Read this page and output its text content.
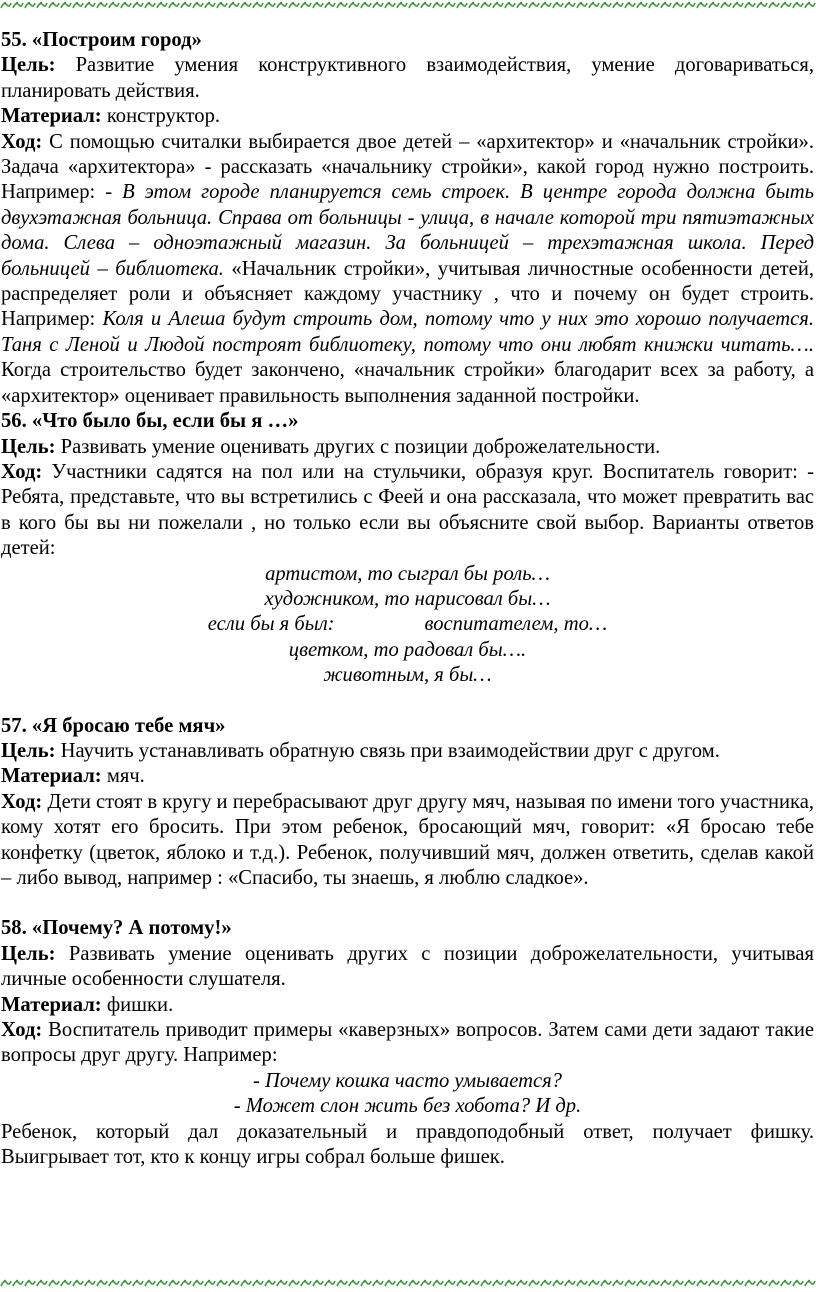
55. «Построим город»

Цель: Развитие умения конструктивного взаимодействия, умение договариваться, планировать действия.

Материал: конструктор.

Ход: С помощью считалки выбирается двое детей – «архитектор» и «начальник стройки». Задача «архитектора» - рассказать «начальнику стройки», какой город нужно построить. Например: - В этом городе планируется семь строек. В центре города должна быть двухэтажная больница. Справа от больницы - улица, в начале которой три пятиэтажных дома. Слева – одноэтажный магазин. За больницей – трехэтажная школа. Перед больницей – библиотека. «Начальник стройки», учитывая личностные особенности детей, распределяет роли и объясняет каждому участнику , что и почему он будет строить. Например: Коля и Алеша будут строить дом, потому что у них это хорошо получается. Таня с Леной и Людой построят библиотеку, потому что они любят книжки читать…. Когда строительство будет закончено, «начальник стройки» благодарит всех за работу, а «архитектор» оценивает правильность выполнения заданной постройки.

56. «Что было бы, если бы я …»

Цель: Развивать умение оценивать других с позиции доброжелательности.

Ход: Участники садятся на пол или на стульчики, образуя круг. Воспитатель говорит: - Ребята, представьте, что вы встретились с Феей и она рассказала, что может превратить вас в кого бы вы ни пожелали , но только если вы объясните свой выбор. Варианты ответов детей:

артистом, то сыграл бы роль…

художником, то нарисовал бы…

если бы я был:	воспитателем, то…

цветком, то радовал бы….

животным, я бы…

57. «Я бросаю тебе мяч»

Цель: Научить устанавливать обратную связь при взаимодействии друг с другом.

Материал: мяч.

Ход: Дети стоят в кругу и перебрасывают друг другу мяч, называя по имени того участника, кому хотят его бросить. При этом ребенок, бросающий мяч, говорит: «Я бросаю тебе конфетку (цветок, яблоко и т.д.). Ребенок, получивший мяч, должен ответить, сделав какой – либо вывод, например : «Спасибо, ты знаешь, я люблю сладкое».

58. «Почему? А потому!»

Цель: Развивать умение оценивать других с позиции доброжелательности, учитывая личные особенности слушателя.

Материал: фишки.

Ход: Воспитатель приводит примеры «каверзных» вопросов. Затем сами дети задают такие вопросы друг другу. Например:

- Почему кошка часто умывается?

- Может слон жить без хобота? И др.

Ребенок, который дал доказательный и правдоподобный ответ, получает фишку. Выигрывает тот, кто к концу игры собрал больше фишек.
